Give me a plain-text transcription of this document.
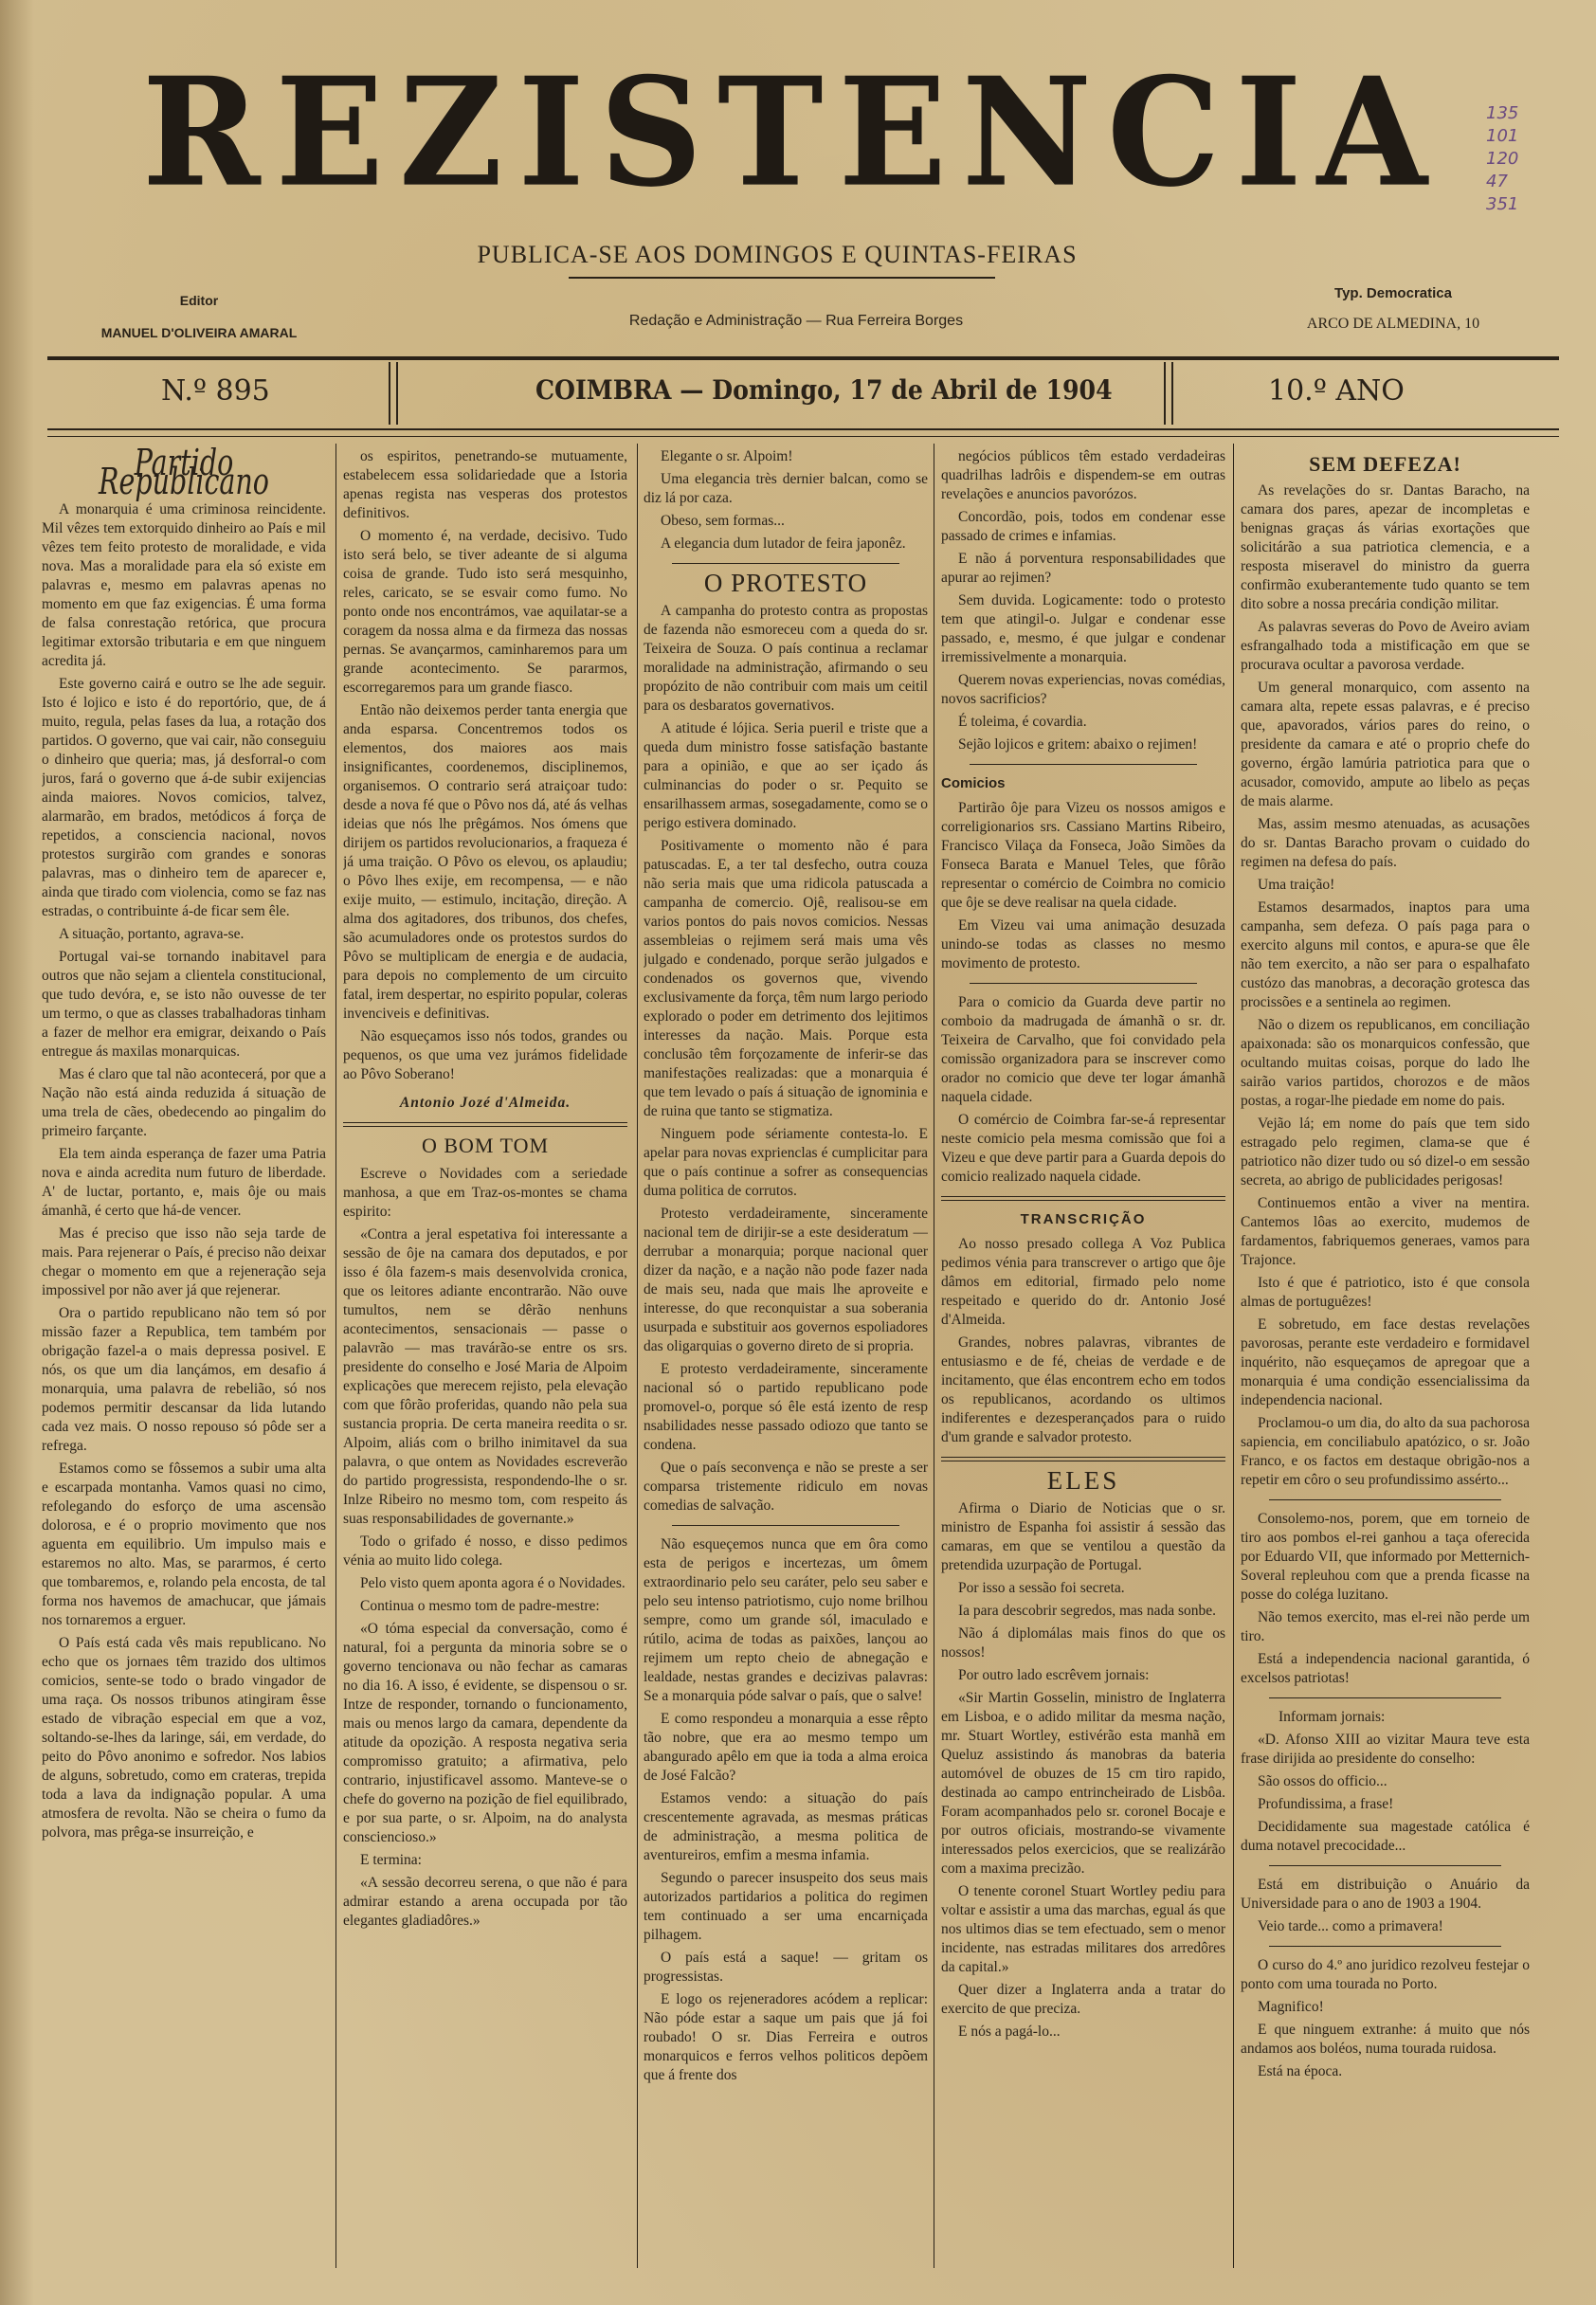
REZISTENCIA
PUBLICA-SE AOS DOMINGOS E QUINTAS-FEIRAS
Editor
MANUEL D'OLIVEIRA AMARAL
Redação e Administração — Rua Ferreira Borges
Typ. Democratica
ARCO DE ALMEDINA, 10
135
101
120
47
351
N.º 895	COIMBRA — Domingo, 17 de Abril de 1904	10.º ANO
Partido Republicano

A monarquia é uma criminosa reincidente. Mil vêzes tem extorquido dinheiro ao País e mil vêzes tem feito protesto de moralidade, e vida nova. Mas a moralidade para ela só existe em palavras e, mesmo em palavras apenas no momento em que faz exigencias. É uma forma de falsa conrestação retórica, que procura legitimar extorsão tributaria e em que ninguem acredita já.

Este governo cairá e outro se lhe ade seguir. Isto é lojico e isto é do reportório, que, de á muito, regula, pelas fases da lua, a rotação dos partidos. O governo, que vai cair, não conseguiu o dinheiro que queria; mas, já desforral-o com juros, fará o governo que á-de subir exijencias ainda maiores. Novos comicios, talvez, alarmarão, em brados, metódicos á força de repetidos, a consciencia nacional, novos protestos surgirão com grandes e sonoras palavras, mas o dinheiro tem de aparecer e, ainda que tirado com violencia, como se faz nas estradas, o contribuinte á-de ficar sem êle.

A situação, portanto, agrava-se.

Portugal vai-se tornando inabitavel para outros que não sejam a clientela constitucional, que tudo devóra, e, se isto não ouvesse de ter um termo, o que as classes trabalhadoras tinham a fazer de melhor era emigrar, deixando o País entregue ás maxilas monarquicas.

Mas é claro que tal não acontecerá, por que a Nação não está ainda reduzida á situação de uma trela de cães, obedecendo ao pingalim do primeiro farçante.

Ela tem ainda esperança de fazer uma Patria nova e ainda acredita num futuro de liberdade. A' de luctar, portanto, e, mais ôje ou mais ámanhã, é certo que há-de vencer.

Mas é preciso que isso não seja tarde de mais. Para rejenerar o País, é preciso não deixar chegar o momento em que a rejeneração seja impossivel por não aver já que rejenerar.

Ora o partido republicano não tem só por missão fazer a Republica, tem também por obrigação fazel-a o mais depressa posivel. E nós, os que um dia lançámos, em desafio á monarquia, uma palavra de rebelião, só nos podemos permitir descansar da lida lutando cada vez mais. O nosso repouso só pôde ser a refrega.

Estamos como se fôssemos a subir uma alta e escarpada montanha. Vamos quasi no cimo, refolegando do esforço de uma ascensão dolorosa, e é o proprio movimento que nos aguenta em equilibrio. Um impulso mais e estaremos no alto. Mas, se pararmos, é certo que tombaremos, e, rolando pela encosta, de tal forma nos havemos de amachucar, que jámais nos tornaremos a erguer.

O País está cada vês mais republicano. No echo que os jornaes têm trazido dos ultimos comicios, sente-se todo o brado vingador de uma raça. Os nossos tribunos atingiram êsse estado de vibração especial em que a voz, soltando-se-lhes da laringe, sái, em verdade, do peito do Pôvo anonimo e sofredor. Nos labios de alguns, sobretudo, como em crateras, trepida toda a lava da indignação popular. A uma atmosfera de revolta. Não se cheira o fumo da polvora, mas prêga-se insurreição, e

os espiritos, penetrando-se mutuamente, estabelecem essa solidariedade que a Istoria apenas regista nas vesperas dos protestos definitivos.

O momento é, na verdade, decisivo. Tudo isto será belo, se tiver adeante de si alguma coisa de grande. Tudo isto será mesquinho, reles, caricato, se se esvair como fumo. No ponto onde nos encontrámos, vae aquilatar-se a coragem da nossa alma e da firmeza das nossas pernas. Se avançarmos, caminharemos para um grande acontecimento. Se pararmos, escorregaremos para um grande fiasco.

Então não deixemos perder tanta energia que anda esparsa. Concentremos todos os elementos, dos maiores aos mais insignificantes, coordenemos, disciplinemos, organisemos. O contrario será atraiçoar tudo: desde a nova fé que o Pôvo nos dá, até ás velhas ideias que nós lhe prêgámos. Nos ómens que dirijem os partidos revolucionarios, a fraqueza é já uma traição. O Pôvo os elevou, os aplaudiu; o Pôvo lhes exije, em recompensa, — e não exije muito, — estimulo, incitação, direção. A alma dos agitadores, dos tribunos, dos chefes, são acumuladores onde os protestos surdos do Pôvo se multiplicam de energia e de audacia, para depois no complemento de um circuito fatal, irem despertar, no espirito popular, coleras invenciveis e definitivas.

Não esqueçamos isso nós todos, grandes ou pequenos, os que uma vez jurámos fidelidade ao Pôvo Soberano!

Antonio Jozé d'Almeida.
O BOM TOM

Escreve o Novidades com a seriedade manhosa, a que em Traz-os-montes se chama espirito:

«Contra a jeral espetativa foi interessante a sessão de ôje na camara dos deputados, e por isso é ôla fazem-s mais desenvolvida cronica, que os leitores adiante encontrarão. Não ouve tumultos, nem se dêrão nenhuns acontecimentos, sensacionais — passe o palavrão — mas travárão-se entre os srs. presidente do conselho e José Maria de Alpoim explicações que merecem rejisto, pela elevação com que fôrão proferidas, quando não pela sua sustancia propria. De certa maneira reedita o sr. Alpoim, aliás com o brilho inimitavel da sua palavra, o que ontem as Novidades escreverão do partido progressista, respondendo-lhe o sr. Inlze Ribeiro no mesmo tom, com respeito ás suas responsabilidades de governante.»

Todo o grifado é nosso, e disso pedimos vénia ao muito lido colega.

Pelo visto quem aponta agora é o Novidades.

Continua o mesmo tom de padre-mestre:

«O tóma especial da conversação, como é natural, foi a pergunta da minoria sobre se o governo tencionava ou não fechar as camaras no dia 16. A isso, é evidente, se dispensou o sr. Intze de responder, tornando o funcionamento, mais ou menos largo da camara, dependente da atitude da opozição. A resposta negativa seria compromisso gratuito; a afirmativa, pelo contrario, injustificavel assomo. Manteve-se o chefe do governo na pozição de fiel equilibrado, e por sua parte, o sr. Alpoim, na do analysta consciencioso.»

E termina:

«A sessão decorreu serena, o que não é para admirar estando a arena occupada por tão elegantes gladiadôres.»

Elegante o sr. Alpoim!

Uma elegancia très dernier balcan, como se diz lá por caza.

Obeso, sem formas...

A elegancia dum lutador de feira japonêz.

O PROTESTO

A campanha do protesto contra as propostas de fazenda não esmoreceu com a queda do sr. Teixeira de Souza. O país continua a reclamar moralidade na administração, afirmando o seu propózito de não contribuir com mais um ceitil para os desbaratos governativos.

A atitude é lójica. Seria pueril e triste que a queda dum ministro fosse satisfação bastante para a opinião, e que ao ser içado ás culminancias do poder o sr. Pequito se ensarilhassem armas, sosegadamente, como se o perigo estivera dominado.

Positivamente o momento não é para patuscadas. E, a ter tal desfecho, outra couza não seria mais que uma ridicola patuscada a campanha de comercio. Ojê, realisou-se em varios pontos do pais novos comicios. Nessas assembleias o rejimem será mais uma vês julgado e condenado, porque serão julgados e condenados os governos que, vivendo exclusivamente da força, têm num largo periodo explorado o poder em detrimento dos lejitimos interesses da nação. Mais. Porque esta conclusão têm forçozamente de inferir-se das manifestações realizadas: que a monarquia é que tem levado o país á situação de ignominia e de ruina que tanto se stigmatiza.

Ninguem pode sériamente contesta-lo. E apelar para novas exprienclas é cumplicitar para que o país continue a sofrer as consequencias duma politica de corrutos.

Protesto verdadeiramente, sinceramente nacional tem de dirijir-se a este desideratum — derrubar a monarquia; porque nacional quer dizer da nação, e a nação não pode fazer nada de mais seu, nada que mais lhe aproveite e interesse, do que reconquistar a sua soberania usurpada e substituir aos governos espoliadores das oligarquias o governo direto de si propria.

E protesto verdadeiramente, sinceramente nacional só o partido republicano pode promovel-o, porque só êle está izento de resp nsabilidades nesse passado odiozo que tanto se condena.

Que o país seconvença e não se preste a ser comparsa tristemente ridiculo em novas comedias de salvação.

Não esqueçemos nunca que em ôra como esta de perigos e incertezas, um ômem extraordinario pelo seu caráter, pelo seu saber e pelo seu intenso patriotismo, cujo nome brilhou sempre, como um grande sól, imaculado e rútilo, acima de todas as paixões, lançou ao rejimem um repto cheio de abnegação e lealdade, nestas grandes e decizivas palavras: Se a monarquia póde salvar o país, que o salve!

E como respondeu a monarquia a esse rêpto tão nobre, que era ao mesmo tempo um abangurado apêlo em que ia toda a alma eroica de José Falcão?

Estamos vendo: a situação do país crescentemente agravada, as mesmas práticas de administração, a mesma politica de aventureiros, emfim a mesma infamia.

Segundo o parecer insuspeito dos seus mais autorizados partidarios a politica do regimen tem continuado a ser uma encarniçada pilhagem.

O país está a saque! — gritam os progressistas.

E logo os rejeneradores acódem a replicar: Não póde estar a saque um pais que já foi roubado! O sr. Dias Ferreira e outros monarquicos e ferros velhos politicos depõem que á frente dos

negócios públicos têm estado verdadeiras quadrilhas ladrôis e dispendem-se em outras revelações e anuncios pavorózos.

Concordão, pois, todos em condenar esse passado de crimes e infamias.

E não á porventura responsabilidades que apurar ao rejimen?

Sem duvida. Logicamente: todo o protesto tem que atingil-o. Julgar e condenar esse passado, e, mesmo, é que julgar e condenar irremissivelmente a monarquia.

Querem novas experiencias, novas comédias, novos sacrificios?

É toleima, é covardia.

Sejão lojicos e gritem: abaixo o rejimen!

Comicios

Partirão ôje para Vizeu os nossos amigos e correligionarios srs. Cassiano Martins Ribeiro, Francisco Vilaça da Fonseca, João Simões da Fonseca Barata e Manuel Teles, que fôrão representar o comércio de Coimbra no comicio que ôje se deve realisar na quela cidade.

Em Vizeu vai uma animação desuzada unindo-se todas as classes no mesmo movimento de protesto.

Para o comicio da Guarda deve partir no comboio da madrugada de ámanhã o sr. dr. Teixeira de Carvalho, que foi convidado pela comissão organizadora para se inscrever como orador no comicio que deve ter logar ámanhã naquela cidade.

O comércio de Coimbra far-se-á representar neste comicio pela mesma comissão que foi a Vizeu e que deve partir para a Guarda depois do comicio realizado naquela cidade.

TRANSCRIÇÃO

Ao nosso presado collega A Voz Publica pedimos vénia para transcrever o artigo que ôje dâmos em editorial, firmado pelo nome respeitado e querido do dr. Antonio José d'Almeida.

Grandes, nobres palavras, vibrantes de entusiasmo e de fé, cheias de verdade e de incitamento, que élas encontrem echo em todos os republicanos, acordando os ultimos indiferentes e dezesperançados para o ruido d'um grande e salvador protesto.

ELES

Afirma o Diario de Noticias que o sr. ministro de Espanha foi assistir á sessão das camaras, em que se ventilou a questão da pretendida uzurpação de Portugal.

Por isso a sessão foi secreta.

Ia para descobrir segredos, mas nada sonbe.

Não á diplomálas mais finos do que os nossos!

Por outro lado escrêvem jornais:

«Sir Martin Gosselin, ministro de Inglaterra em Lisboa, e o adido militar da mesma nação, mr. Stuart Wortley, estivérão esta manhã em Queluz assistindo ás manobras da bateria automóvel de obuzes de 15 cm tiro rapido, destinada ao campo entrincheirado de Lisbôa. Foram acompanhados pelo sr. coronel Bocaje e por outros oficiais, mostrando-se vivamente interessados pelos exercicios, que se realizárão com a maxima precizão.

O tenente coronel Stuart Wortley pediu para voltar e assistir a uma das marchas, egual ás que nos ultimos dias se tem efectuado, sem o menor incidente, nas estradas militares dos arredôres da capital.»

Quer dizer a Inglaterra anda a tratar do exercito de que preciza.

E nós a pagá-lo...

SEM DEFEZA!

As revelações do sr. Dantas Baracho, na camara dos pares, apezar de incompletas e benignas graças ás várias exortações que solicitárão a sua patriotica clemencia, e a resposta miseravel do ministro da guerra confirmão exuberantemente tudo quanto se tem dito sobre a nossa precária condição militar.

As palavras severas do Povo de Aveiro aviam esfrangalhado toda a mistificação em que se procurava ocultar a pavorosa verdade.

Um general monarquico, com assento na camara alta, repete essas palavras, e é preciso que, apavorados, vários pares do reino, o presidente da camara e até o proprio chefe do governo, érgão lamúria patriotica para que o acusador, comovido, ampute ao libelo as peças de mais alarme.

Mas, assim mesmo atenuadas, as acusações do sr. Dantas Baracho provam o cuidado do regimen na defesa do país.

Uma traição!

Estamos desarmados, inaptos para uma campanha, sem defeza. O país paga para o exercito alguns mil contos, e apura-se que êle não tem exercito, a não ser para o espalhafato custózo das manobras, a decoração grotesca das procissões e a sentinela ao regimen.

Não o dizem os republicanos, em conciliação apaixonada: são os monarquicos confessão, que ocultando muitas coisas, porque do lado lhe sairão varios partidos, chorozos e de mãos postas, a rogar-lhe piedade em nome do pais.

Vejão lá; em nome do país que tem sido estragado pelo regimen, clama-se que é patriotico não dizer tudo ou só dizel-o em sessão secreta, ao abrigo de publicidades perigosas!

Continuemos então a viver na mentira. Cantemos lôas ao exercito, mudemos de fardamentos, fabriquemos generaes, vamos para Trajonce.

Isto é que é patriotico, isto é que consola almas de portuguêzes!

E sobretudo, em face destas revelações pavorosas, perante este verdadeiro e formidavel inquérito, não esqueçamos de apregoar que a monarquia é uma condição essencialissima da independencia nacional.

Proclamou-o um dia, do alto da sua pachorosa sapiencia, em conciliabulo apatózico, o sr. João Franco, e os factos em destaque obrigão-nos a repetir em côro o seu profundissimo assérto...

Consolemo-nos, porem, que em torneio de tiro aos pombos el-rei ganhou a taça oferecida por Eduardo VII, que informado por Metternich-Soveral repleuhou com que a prenda ficasse na posse do coléga luzitano.

Não temos exercito, mas el-rei não perde um tiro.

Está a independencia nacional garantida, ó excelsos patriotas!

Informam jornais:

«D. Afonso XIII ao vizitar Maura teve esta frase dirijida ao presidente do conselho:

São ossos do officio...

Profundissima, a frase!

Decididamente sua magestade católica é duma notavel precocidade...

Está em distribuição o Anuário da Universidade para o ano de 1903 a 1904.

Veio tarde... como a primavera!

O curso do 4.º ano juridico rezolveu festejar o ponto com uma tourada no Porto.

Magnifico!

E que ninguem extranhe: á muito que nós andamos aos boléos, numa tourada ruidosa.

Está na época.
